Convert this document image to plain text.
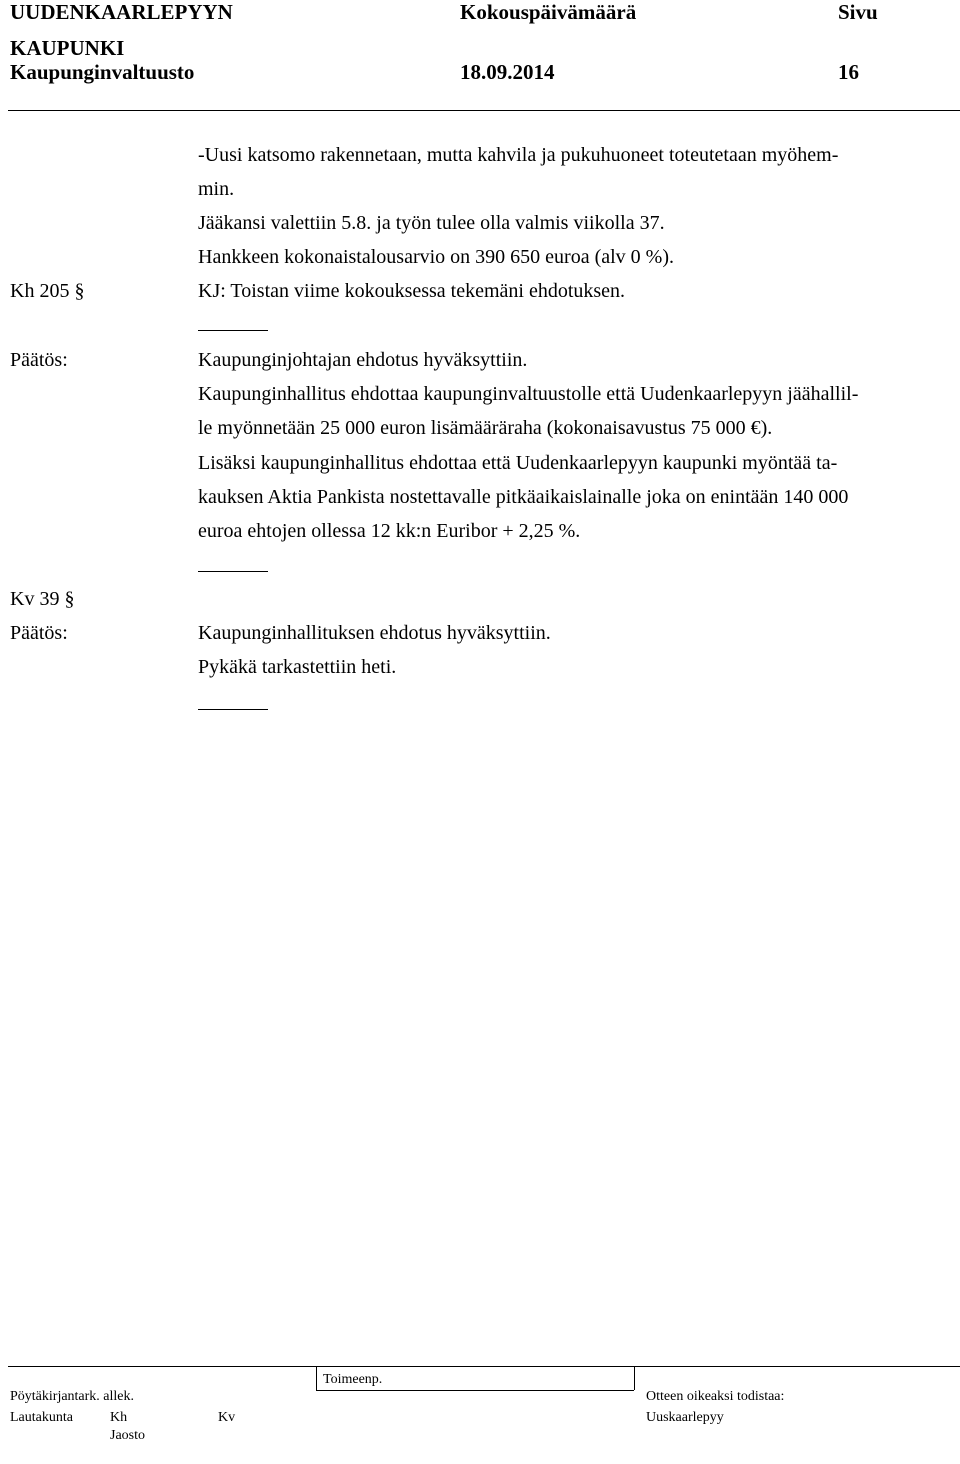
UUDENKAARLEPYYN
KAUPUNKI
Kaupunginvaltuusto
Kokouspäivämäärä
18.09.2014
Sivu
16
-Uusi katsomo rakennetaan, mutta kahvila ja pukuhuoneet toteutetaan myöhem-
min.
Jääkansi valettiin 5.8. ja työn tulee olla valmis viikolla 37.
Hankkeen kokonaistalousarvio on 390 650 euroa (alv 0 %).
Kh 205 §	KJ: Toistan viime kokouksessa tekemäni ehdotuksen.
Päätös:	Kaupunginjohtajan ehdotus hyväksyttiin.
Kaupunginhallitus ehdottaa kaupunginvaltuustolle että Uudenkaarlepyyn jäähallil-
le myönnetään 25 000 euron lisämääräraha (kokonaisavustus 75 000 €).
Lisäksi kaupunginhallitus ehdottaa että Uudenkaarlepyyn kaupunki myöntää ta-
kauksen Aktia Pankista nostettavalle pitkäaikaislainalle joka on enintään 140 000
euroa ehtojen ollessa 12 kk:n Euribor + 2,25 %.
Kv 39 §
Päätös:	Kaupunginhallituksen ehdotus hyväksyttiin.
Pykäkä tarkastettiin heti.
Toimeenp.
Pöytäkirjantark. allek.
Lautakunta	Kh	Kv
Jaosto
Otteen oikeaksi todistaa:
Uuskaarlepyy
